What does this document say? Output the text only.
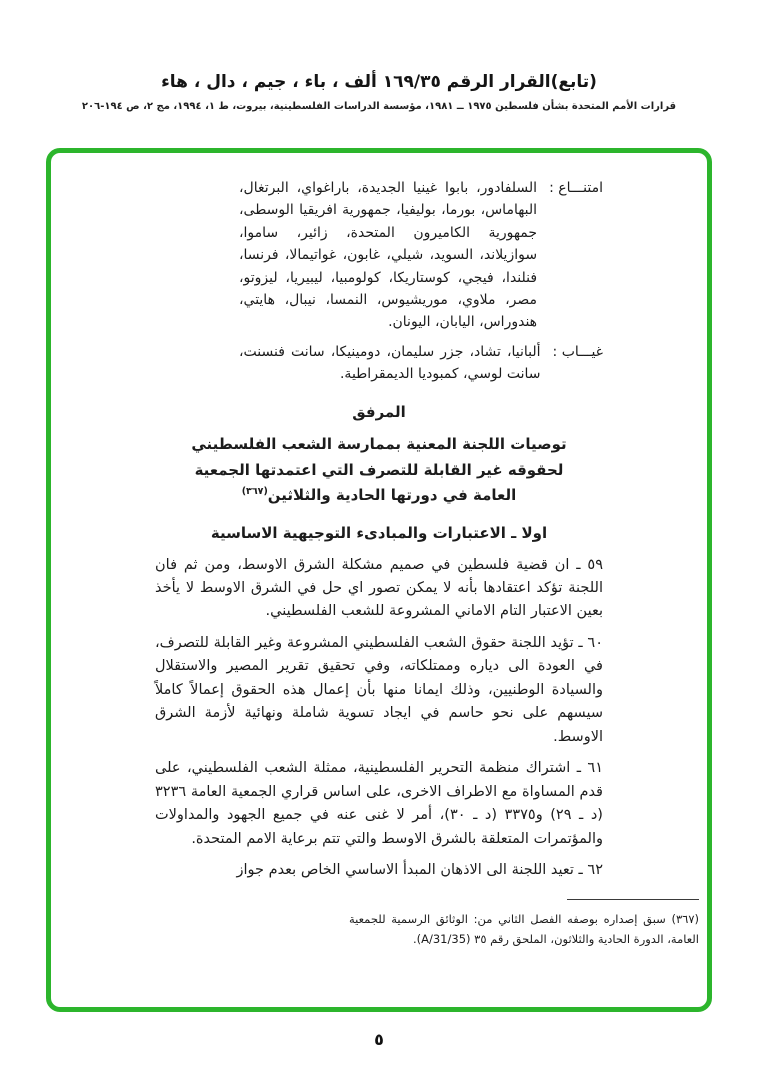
(تابع)القرار الرقم ١٦٩/٣٥ ألف ، باء ، جيم ، دال ، هاء
قرارات الأمم المتحدة بشأن فلسطين ١٩٧٥ ــ ١٩٨١، مؤسسة الدراسات الفلسطينية، بيروت، ط ١، ١٩٩٤، مج ٢، ص ١٩٤-٢٠٦
امتنـــاع :
السلفادور، بابوا غينيا الجديدة، باراغواي، البرتغال، البهاماس، بورما، بوليفيا، جمهورية افريقيا الوسطى، جمهورية الكاميرون المتحدة، زائير، ساموا، سوازيلاند، السويد، شيلي، غابون، غواتيمالا، فرنسا، فنلندا، فيجي، كوستاريكا، كولومبيا، ليبيريا، ليزوتو، مصر، ملاوي، موريشيوس، النمسا، نيبال، هايتي، هندوراس، اليابان، اليونان.
غيـــاب :
ألبانيا، تشاد، جزر سليمان، دومينيكا، سانت فنسنت، سانت لوسي، كمبوديا الديمقراطية.
المرفق
توصيات اللجنة المعنية بممارسة الشعب الفلسطيني
لحقوقه غير القابلة للتصرف التي اعتمدتها الجمعية
العامة في دورتها الحادية والثلاثين$^{(٣٦٧)}$
اولا ـ الاعتبارات والمبادىء التوجيهية الاساسية

٥٩ ـ ان قضية فلسطين في صميم مشكلة الشرق الاوسط، ومن ثم فان اللجنة تؤكد اعتقادها بأنه لا يمكن تصور اي حل في الشرق الاوسط لا يأخذ بعين الاعتبار التام الاماني المشروعة للشعب الفلسطيني.

٦٠ ـ تؤيد اللجنة حقوق الشعب الفلسطيني المشروعة وغير القابلة للتصرف، في العودة الى دياره وممتلكاته، وفي تحقيق تقرير المصير والاستقلال والسيادة الوطنيين، وذلك ايمانا منها بأن إعمال هذه الحقوق إعمالاً كاملاً سيسهم على نحو حاسم في ايجاد تسوية شاملة ونهائية لأزمة الشرق الاوسط.

٦١ ـ اشتراك منظمة التحرير الفلسطينية، ممثلة الشعب الفلسطيني، على قدم المساواة مع الاطراف الاخرى، على اساس قراري الجمعية العامة ٣٢٣٦ (د ـ ٢٩) و٣٣٧٥ (د ـ ٣٠)، أمر لا غنى عنه في جميع الجهود والمداولات والمؤتمرات المتعلقة بالشرق الاوسط والتي تتم برعاية الامم المتحدة.

٦٢ ـ تعيد اللجنة الى الاذهان المبدأ الاساسي الخاص بعدم جواز

(٣٦٧) سبق إصداره بوصفه الفصل الثاني من: الوثائق الرسمية للجمعية العامة، الدورة الحادية والثلاثون، الملحق رقم ٣٥ (A/31/35).

٥
